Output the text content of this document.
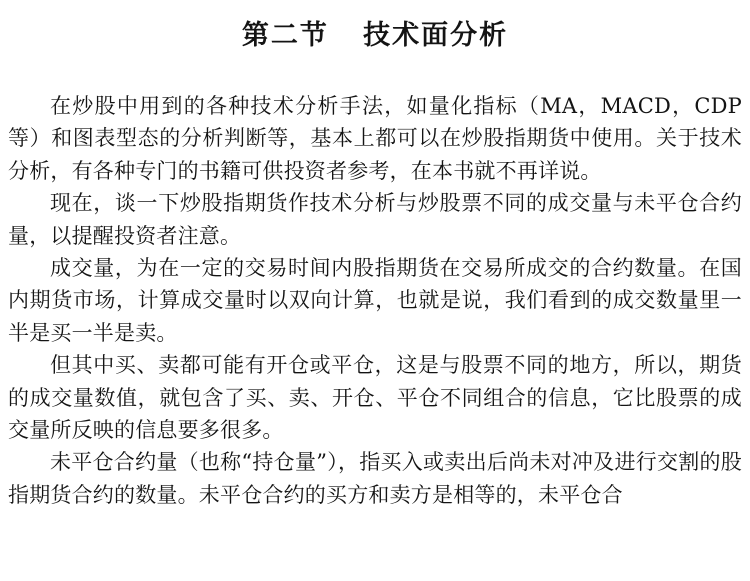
第二节   技术面分析

在炒股中用到的各种技术分析手法，如量化指标（MA，MACD，CDP等）和图表型态的分析判断等，基本上都可以在炒股指期货中使用。关于技术分析，有各种专门的书籍可供投资者参考，在本书就不再详说。

现在，谈一下炒股指期货作技术分析与炒股票不同的成交量与未平仓合约量，以提醒投资者注意。

成交量，为在一定的交易时间内股指期货在交易所成交的合约数量。在国内期货市场，计算成交量时以双向计算，也就是说，我们看到的成交数量里一半是买一半是卖。

但其中买、卖都可能有开仓或平仓，这是与股票不同的地方，所以，期货的成交量数值，就包含了买、卖、开仓、平仓不同组合的信息，它比股票的成交量所反映的信息要多很多。

未平仓合约量（也称“持仓量”），指买入或卖出后尚未对冲及进行交割的股指期货合约的数量。未平仓合约的买方和卖方是相等的，未平仓合
